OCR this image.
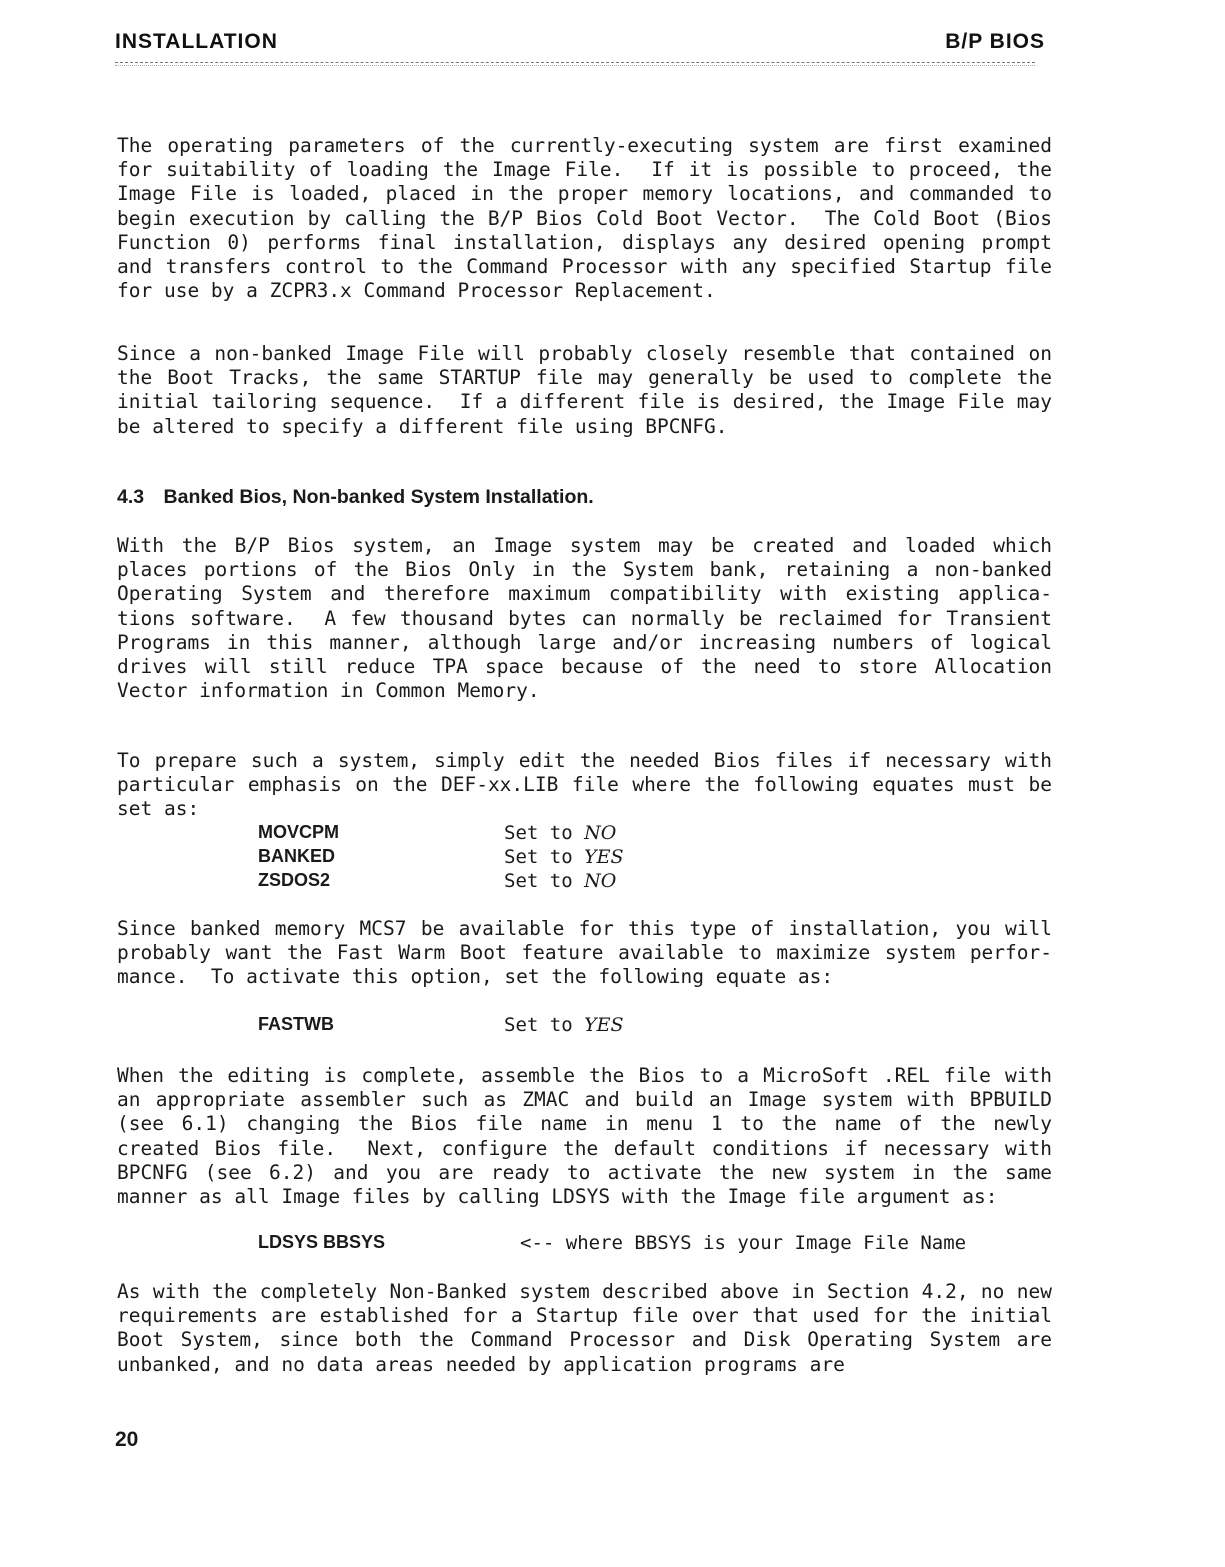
INSTALLATION	B/P BIOS

The operating parameters of the currently-executing system are first examined for suitability of loading the Image File.  If it is possible to proceed, the Image File is loaded, placed in the proper memory locations, and commanded to begin execution by calling the B/P Bios Cold Boot Vector.  The Cold Boot (Bios Function 0) performs final installation, displays any desired opening prompt and transfers control to the Command Processor with any specified Startup file for use by a ZCPR3.x Command Processor Replacement.

Since a non-banked Image File will probably closely resemble that contained on the Boot Tracks, the same STARTUP file may generally be used to complete the initial tailoring sequence.  If a different file is desired, the Image File may be altered to specify a different file using BPCNFG.

4.3 Banked Bios, Non-banked System Installation.

With the B/P Bios system, an Image system may be created and loaded which places portions of the Bios Only in the System bank, retaining a non-banked Operating System and therefore maximum compatibility with existing applica- tions software.  A few thousand bytes can normally be reclaimed for Transient Programs in this manner, although large and/or increasing numbers of logical drives will still reduce TPA space because of the need to store Allocation Vector information in Common Memory.

To prepare such a system, simply edit the needed Bios files if necessary with particular emphasis on the DEF-xx.LIB file where the following equates must be set as:

MOVCPM	Set to NO
BANKED	Set to YES
ZSDOS2	Set to NO

Since banked memory MCS7 be available for this type of installation, you will probably want the Fast Warm Boot feature available to maximize system perfor- mance.  To activate this option, set the following equate as:

FASTWB	Set to YES

When the editing is complete, assemble the Bios to a MicroSoft .REL file with an appropriate assembler such as ZMAC and build an Image system with BPBUILD (see 6.1) changing the Bios file name in menu 1 to the name of the newly created Bios file.  Next, configure the default conditions if necessary with BPCNFG (see 6.2) and you are ready to activate the new system in the same manner as all Image files by calling LDSYS with the Image file argument as:

LDSYS BBSYS	<-- where BBSYS is your Image File Name

As with the completely Non-Banked system described above in Section 4.2, no new requirements are established for a Startup file over that used for the initial Boot System, since both the Command Processor and Disk Operating System are unbanked, and no data areas needed by application programs are

20
